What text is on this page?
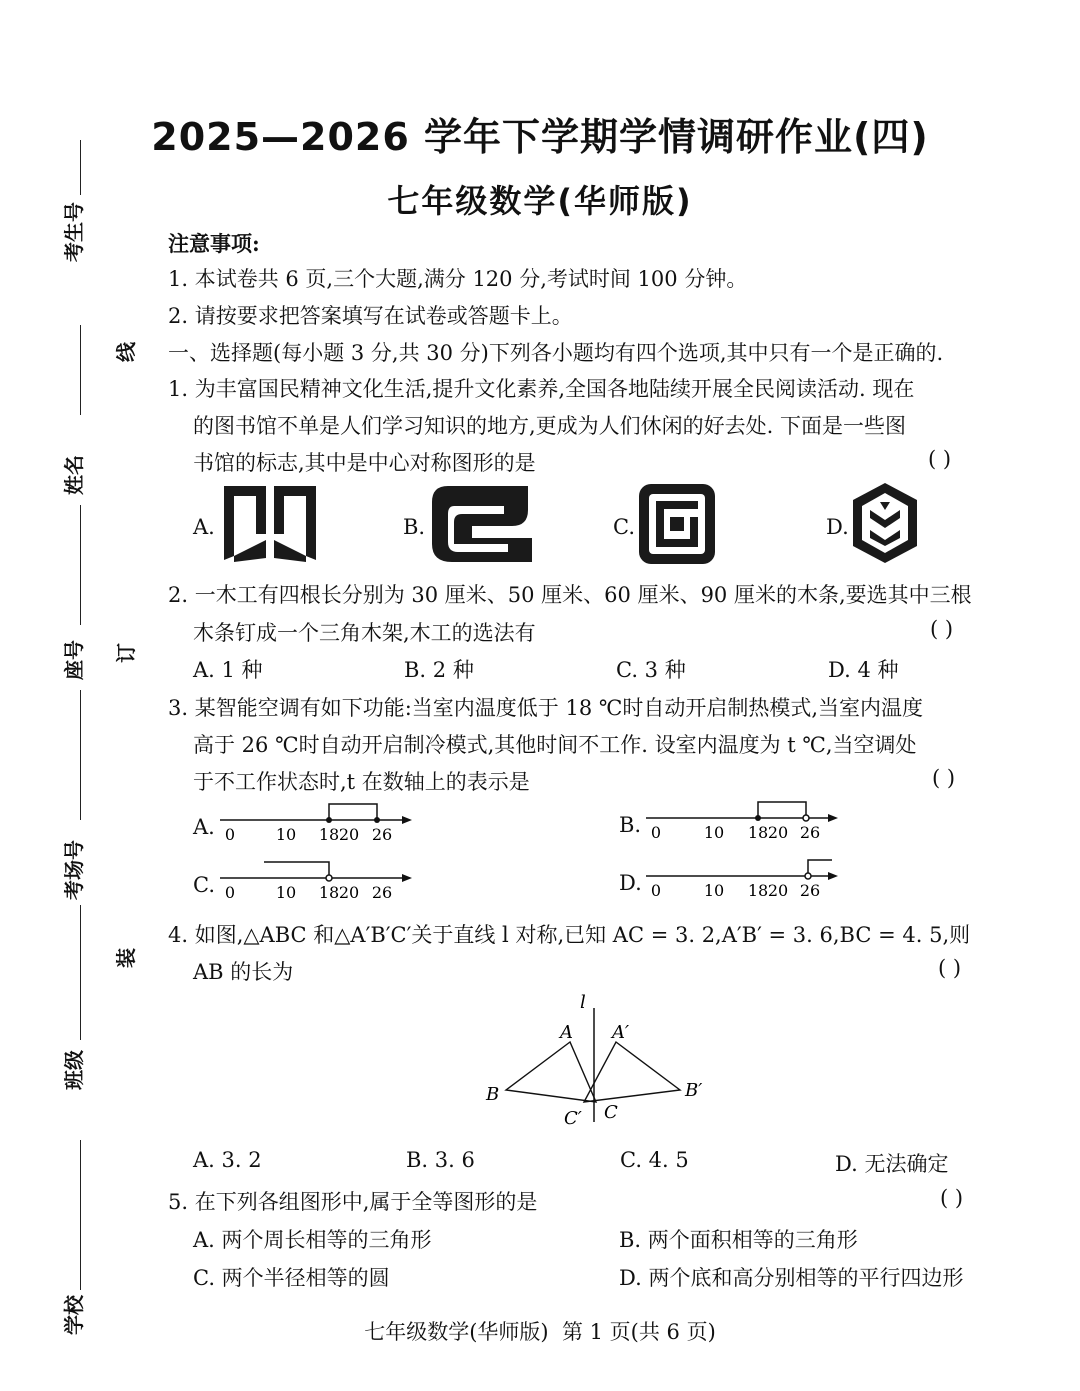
2025—2026 学年下学期学情调研作业(四)
七年级数学(华师版)
考生号
线
姓名
座号 订
考场号
装
班级
学校
注意事项:
1. 本试卷共 6 页,三个大题,满分 120 分,考试时间 100 分钟。
2. 请按要求把答案填写在试卷或答题卡上。
一、选择题(每小题 3 分,共 30 分)下列各小题均有四个选项,其中只有一个是正确的.
1. 为丰富国民精神文化生活,提升文化素养,全国各地陆续开展全民阅读活动. 现在
的图书馆不单是人们学习知识的地方,更成为人们休闲的好去处. 下面是一些图
书馆的标志,其中是中心对称图形的是	( )
A.	B.	C.	D.
2. 一木工有四根长分别为 30 厘米、50 厘米、60 厘米、90 厘米的木条,要选其中三根
木条钉成一个三角木架,木工的选法有	( )
A. 1 种	B. 2 种	C. 3 种	D. 4 种
3. 某智能空调有如下功能:当室内温度低于 18 ℃时自动开启制热模式,当室内温度
高于 26 ℃时自动开启制冷模式,其他时间不工作. 设室内温度为 t ℃,当空调处
于不工作状态时,t 在数轴上的表示是	( )
A. 0	10 18 20 26	B. 0	10 18 20 26
C. 0	10 18 20 26	D. 0	10 18 20 26
4. 如图,△ABC 和△A′B′C′关于直线 l 对称,已知 AC = 3. 2,A′B′ = 3. 6,BC = 4. 5,则
AB 的长为	( )
l
A A′
B	B′
C
C′
A. 3. 2	B. 3. 6	C. 4. 5	D. 无法确定
5. 在下列各组图形中,属于全等图形的是	( )
A. 两个周长相等的三角形	B. 两个面积相等的三角形
C. 两个半径相等的圆	D. 两个底和高分别相等的平行四边形
七年级数学(华师版)  第 1 页(共 6 页)
